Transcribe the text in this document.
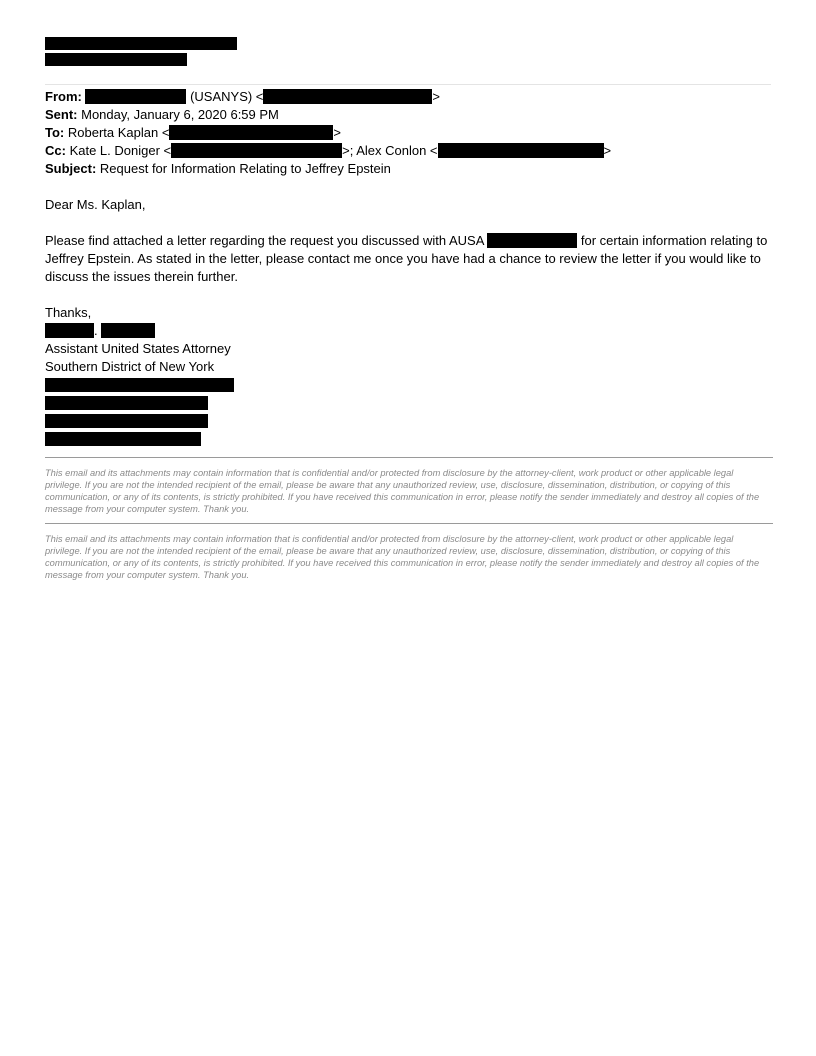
From:	(USANYS) <	>
Sent: Monday, January 6, 2020 6:59 PM
To: Roberta Kaplan <	>
Cc: Kate L. Doniger <	>; Alex Conlon <	>
Subject: Request for Information Relating to Jeffrey Epstein
Dear Ms. Kaplan,
Please find attached a letter regarding the request you discussed with AUSA	for certain information relating to Jeffrey Epstein. As stated in the letter, please contact me once you have had a chance to review the letter if you would like to discuss the issues therein further.
Thanks,
.
Assistant United States Attorney
Southern District of New York
This email and its attachments may contain information that is confidential and/or protected from disclosure by the attorney-client, work product or other applicable legal privilege. If you are not the intended recipient of the email, please be aware that any unauthorized review, use, disclosure, dissemination, distribution, or copying of this communication, or any of its contents, is strictly prohibited. If you have received this communication in error, please notify the sender immediately and destroy all copies of the message from your computer system. Thank you.
This email and its attachments may contain information that is confidential and/or protected from disclosure by the attorney-client, work product or other applicable legal privilege. If you are not the intended recipient of the email, please be aware that any unauthorized review, use, disclosure, dissemination, distribution, or copying of this communication, or any of its contents, is strictly prohibited. If you have received this communication in error, please notify the sender immediately and destroy all copies of the message from your computer system. Thank you.
